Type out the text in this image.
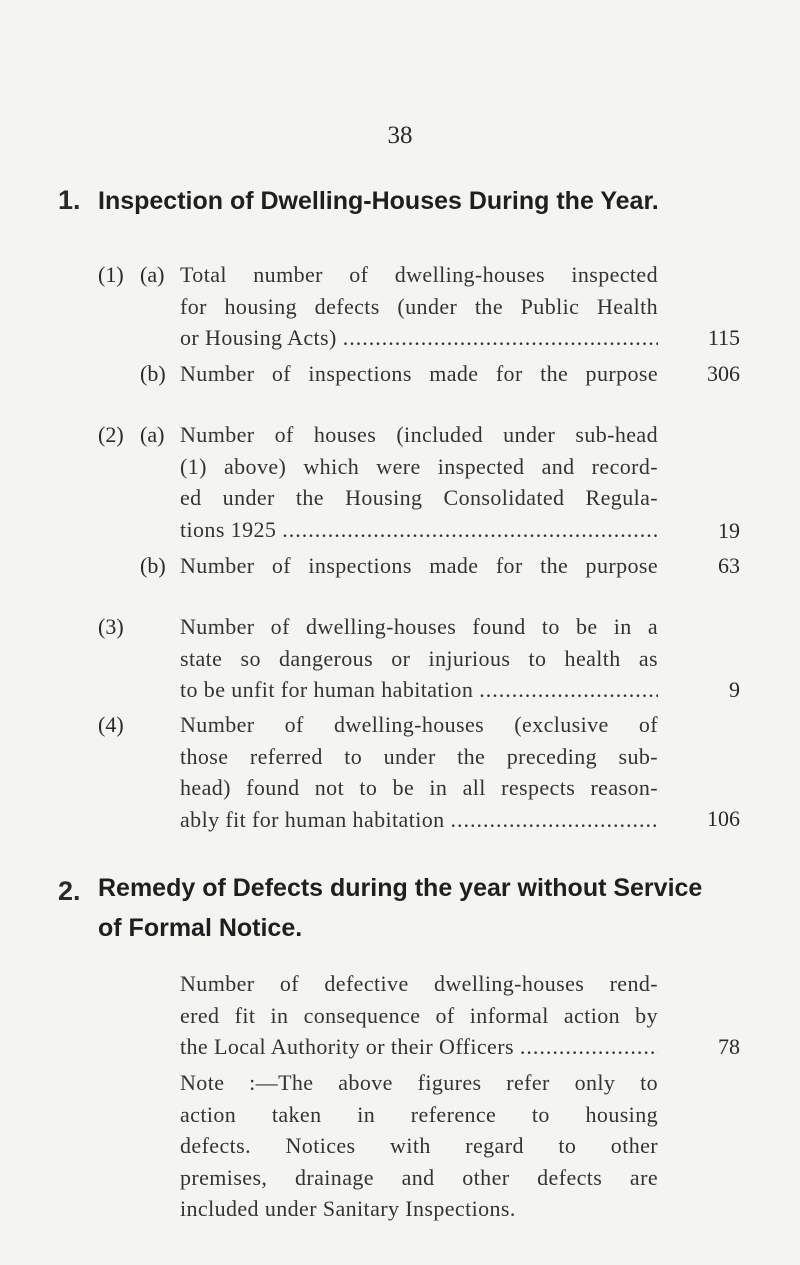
38
1. Inspection of Dwelling-Houses During the Year.
(1) (a) Total number of dwelling-houses inspected
for housing defects (under the Public Health
or Housing Acts) .....	115
(b) Number of inspections made for the purpose 306
(2) (a) Number of houses (included under sub-head
(1) above) which were inspected and record-
ed under the Housing Consolidated Regula-
tions 1925 .....	19
(b) Number of inspections made for the purpose	63
(3)	Number of dwelling-houses found to be in a
state so dangerous or injurious to health as
to be unfit for human habitation .....	9
(4)	Number of dwelling-houses (exclusive of
those referred to under the preceding sub-
head) found not to be in all respects reason-
ably fit for human habitation .....	106
2. Remedy of Defects during the year without Service
of Formal Notice.
Number of defective dwelling-houses rend-
ered fit in consequence of informal action by
the Local Authority or their Officers .....	78
Note :—The above figures refer only to
action taken in reference to housing
defects. Notices with regard to other
premises, drainage and other defects are
included under Sanitary Inspections.
